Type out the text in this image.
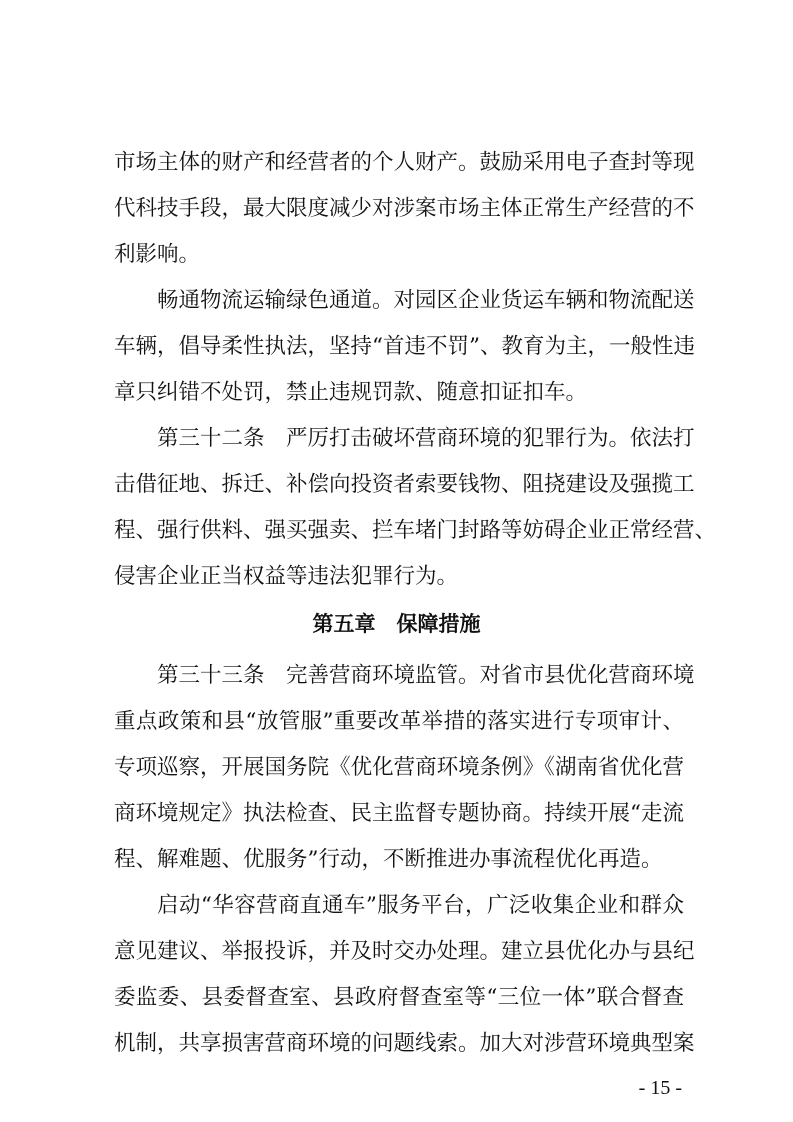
市场主体的财产和经营者的个人财产。鼓励采用电子查封等现
代科技手段，最大限度减少对涉案市场主体正常生产经营的不
利影响。
畅通物流运输绿色通道。对园区企业货运车辆和物流配送
车辆，倡导柔性执法，坚持“首违不罚”、教育为主，一般性违
章只纠错不处罚，禁止违规罚款、随意扣证扣车。
第三十二条　严厉打击破坏营商环境的犯罪行为。依法打
击借征地、拆迁、补偿向投资者索要钱物、阻挠建设及强揽工
程、强行供料、强买强卖、拦车堵门封路等妨碍企业正常经营、
侵害企业正当权益等违法犯罪行为。
第五章　保障措施
第三十三条　完善营商环境监管。对省市县优化营商环境
重点政策和县“放管服”重要改革举措的落实进行专项审计、
专项巡察，开展国务院《优化营商环境条例》《湖南省优化营
商环境规定》执法检查、民主监督专题协商。持续开展“走流
程、解难题、优服务”行动，不断推进办事流程优化再造。
启动“华容营商直通车”服务平台，广泛收集企业和群众
意见建议、举报投诉，并及时交办处理。建立县优化办与县纪
委监委、县委督查室、县政府督查室等“三位一体”联合督查
机制，共享损害营商环境的问题线索。加大对涉营环境典型案
- 15 -
